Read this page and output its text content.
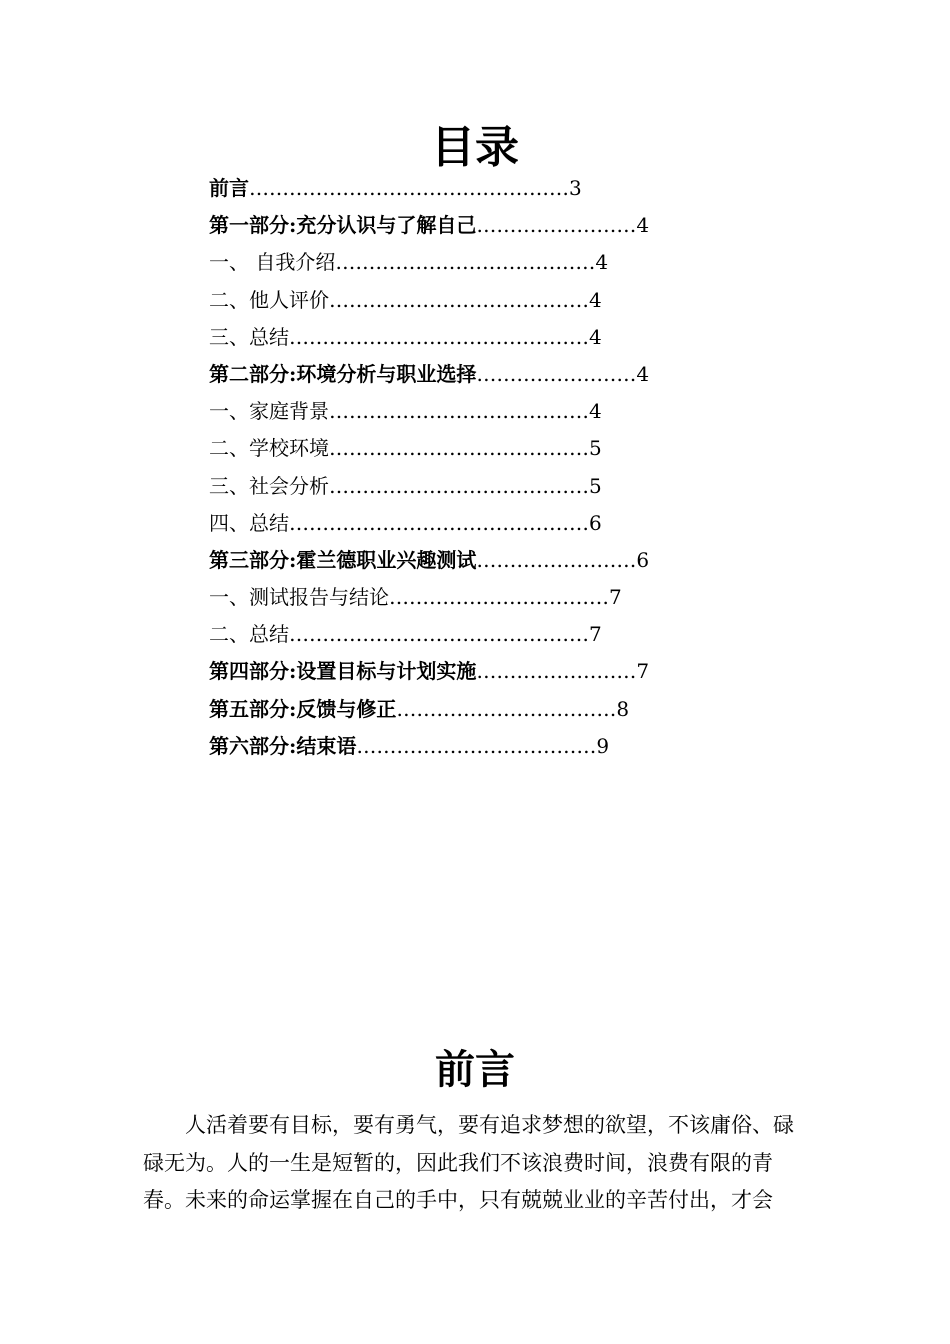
目录
前言…………………………………………3
第一部分:充分认识与了解自己……………………4
一、 自我介绍…………………………………4
二、他人评价…………………………………4
三、总结………………………………………4
第二部分:环境分析与职业选择……………………4
一、家庭背景…………………………………4
二、学校环境…………………………………5
三、社会分析…………………………………5
四、总结………………………………………6
第三部分:霍兰德职业兴趣测试……………………6
一、测试报告与结论……………………………7
二、总结………………………………………7
第四部分:设置目标与计划实施……………………7
第五部分:反馈与修正……………………………8
第六部分:结束语………………………………9
前言
人活着要有目标，要有勇气，要有追求梦想的欲望，不该庸俗、碌
碌无为。人的一生是短暂的，因此我们不该浪费时间，浪费有限的青
春。未来的命运掌握在自己的手中，只有兢兢业业的辛苦付出，才会
